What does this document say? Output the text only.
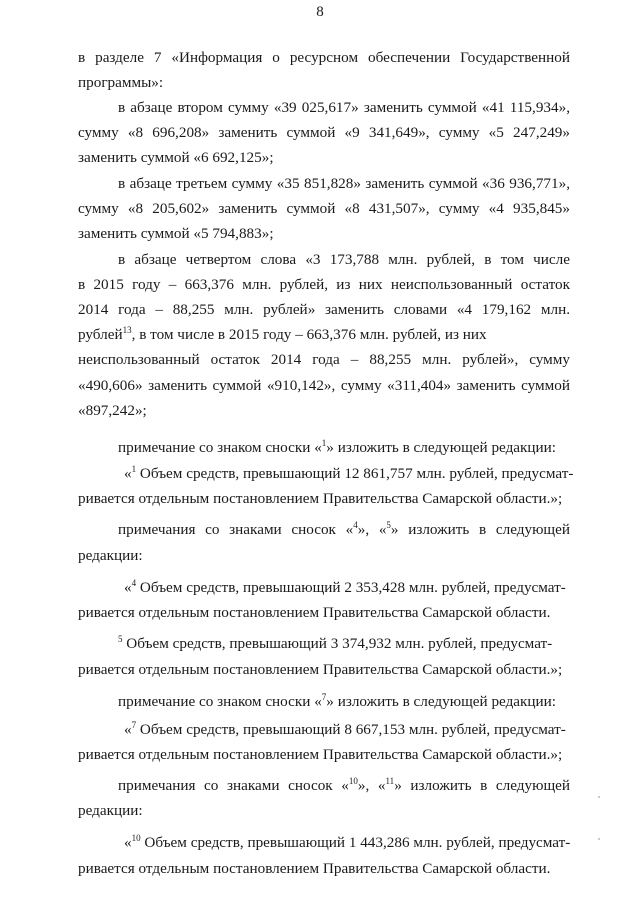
8
в разделе 7 «Информация о ресурсном обеспечении Государственной
программы»:
в абзаце втором сумму «39 025,617» заменить суммой «41 115,934»,
сумму «8 696,208» заменить суммой «9 341,649», сумму «5 247,249»
заменить суммой «6 692,125»;
в абзаце третьем сумму «35 851,828» заменить суммой «36 936,771»,
сумму «8 205,602» заменить суммой «8 431,507», сумму «4 935,845»
заменить суммой «5 794,883»;
в абзаце четвертом слова «3 173,788 млн. рублей, в том числе
в 2015 году – 663,376 млн. рублей, из них неиспользованный остаток
2014 года – 88,255 млн. рублей» заменить словами «4 179,162 млн.
рублей$^{13}$, в том числе в 2015 году – 663,376 млн. рублей, из них
неиспользованный остаток 2014 года – 88,255 млн. рублей», сумму
«490,606» заменить суммой «910,142», сумму «311,404» заменить суммой
«897,242»;
примечание со знаком сноски «$^1$» изложить в следующей редакции:
«$^1$ Объем средств, превышающий 12 861,757 млн. рублей, предусмат-
ривается отдельным постановлением Правительства Самарской области.»;
примечания со знаками сносок «$^4$», «$^5$» изложить в следующей
редакции:
«$^4$ Объем средств, превышающий 2 353,428 млн. рублей, предусмат-
ривается отдельным постановлением Правительства Самарской области.
$^5$ Объем средств, превышающий 3 374,932 млн. рублей, предусмат-
ривается отдельным постановлением Правительства Самарской области.»;
примечание со знаком сноски «$^7$» изложить в следующей редакции:
«$^7$ Объем средств, превышающий 8 667,153 млн. рублей, предусмат-
ривается отдельным постановлением Правительства Самарской области.»;
примечания со знаками сносок «$^{10}$», «$^{11}$» изложить в следующей
редакции:
«$^{10}$ Объем средств, превышающий 1 443,286 млн. рублей, предусмат-
ривается отдельным постановлением Правительства Самарской области.
